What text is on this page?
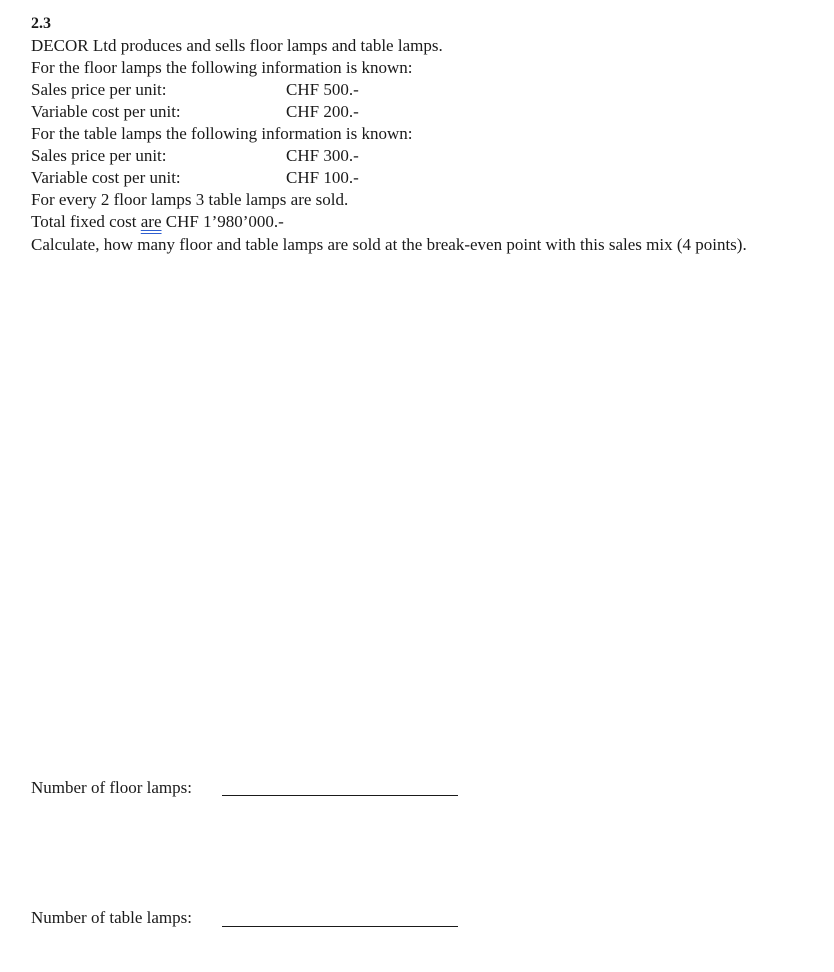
2.3
DECOR Ltd produces and sells floor lamps and table lamps.
For the floor lamps the following information is known:
Sales price per unit:	CHF 500.-
Variable cost per unit:	CHF 200.-
For the table lamps the following information is known:
Sales price per unit:	CHF 300.-
Variable cost per unit:	CHF 100.-
For every 2 floor lamps 3 table lamps are sold.
Total fixed cost are CHF 1’980’000.-
Calculate, how many floor and table lamps are sold at the break-even point with this sales mix (4 points).
Number of floor lamps:
Number of table lamps:
